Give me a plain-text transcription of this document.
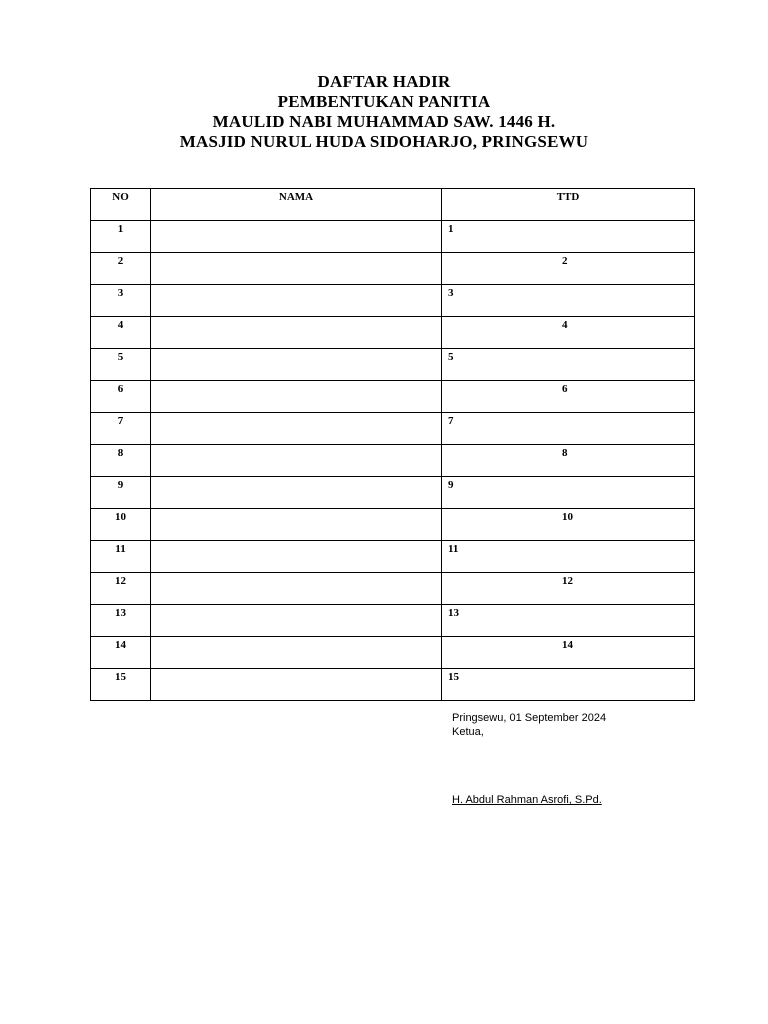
DAFTAR HADIR
PEMBENTUKAN PANITIA
MAULID NABI MUHAMMAD SAW. 1446 H.
MASJID NURUL HUDA SIDOHARJO, PRINGSEWU
NO	NAMA	TTD
1		1

2		2

3		3

4		4

5		5

6		6

7		7

8		8

9		9

10		10

11		11

12		12

13		13

14		14

15		15
Pringsewu, 01 September 2024
Ketua,
H. Abdul Rahman Asrofi, S.Pd.
